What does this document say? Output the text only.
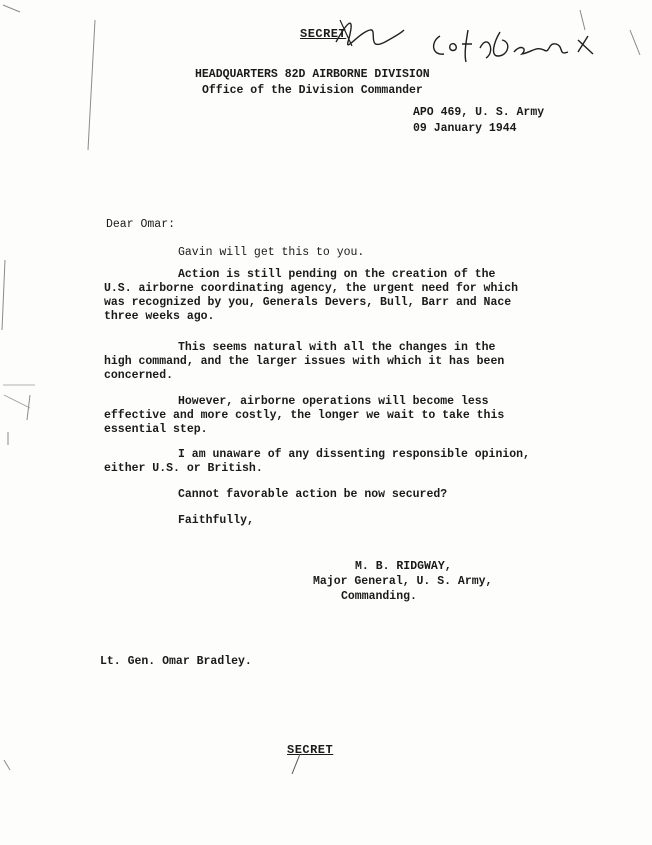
SECRET
HEADQUARTERS 82D AIRBORNE DIVISION
Office of the Division Commander
APO 469, U. S. Army
09 January 1944
Dear Omar:
Gavin will get this to you.
Action is still pending on the creation of the
U.S. airborne coordinating agency, the urgent need for which
was recognized by you, Generals Devers, Bull, Barr and Nace
three weeks ago.
This seems natural with all the changes in the
high command, and the larger issues with which it has been
concerned.
However, airborne operations will become less
effective and more costly, the longer we wait to take this
essential step.
I am unaware of any dissenting responsible opinion,
either U.S. or British.
Cannot favorable action be now secured?
Faithfully,
M. B. RIDGWAY,
Major General, U. S. Army,
Commanding.
Lt. Gen. Omar Bradley.
SECRET
